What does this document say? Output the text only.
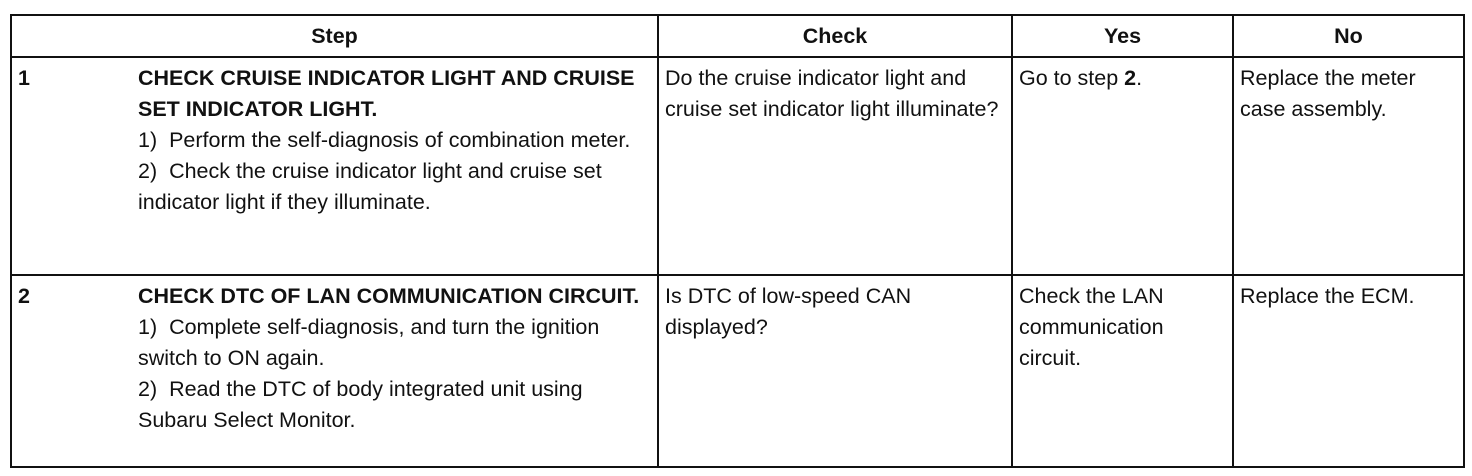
Step	Check	Yes	No

1 CHECK CRUISE INDICATOR LIGHT AND CRUISE SET INDICATOR LIGHT.
1)  Perform the self-diagnosis of combination meter.
2)  Check the cruise indicator light and cruise set indicator light if they illuminate.	Do the cruise indicator light and cruise set indicator light illuminate?	Go to step 2.	Replace the meter case assembly.

2 CHECK DTC OF LAN COMMUNICATION CIRCUIT.
1)  Complete self-diagnosis, and turn the ignition switch to ON again.
2)  Read the DTC of body integrated unit using Subaru Select Monitor.	Is DTC of low-speed CAN displayed?	Check the LAN communication circuit.	Replace the ECM.
